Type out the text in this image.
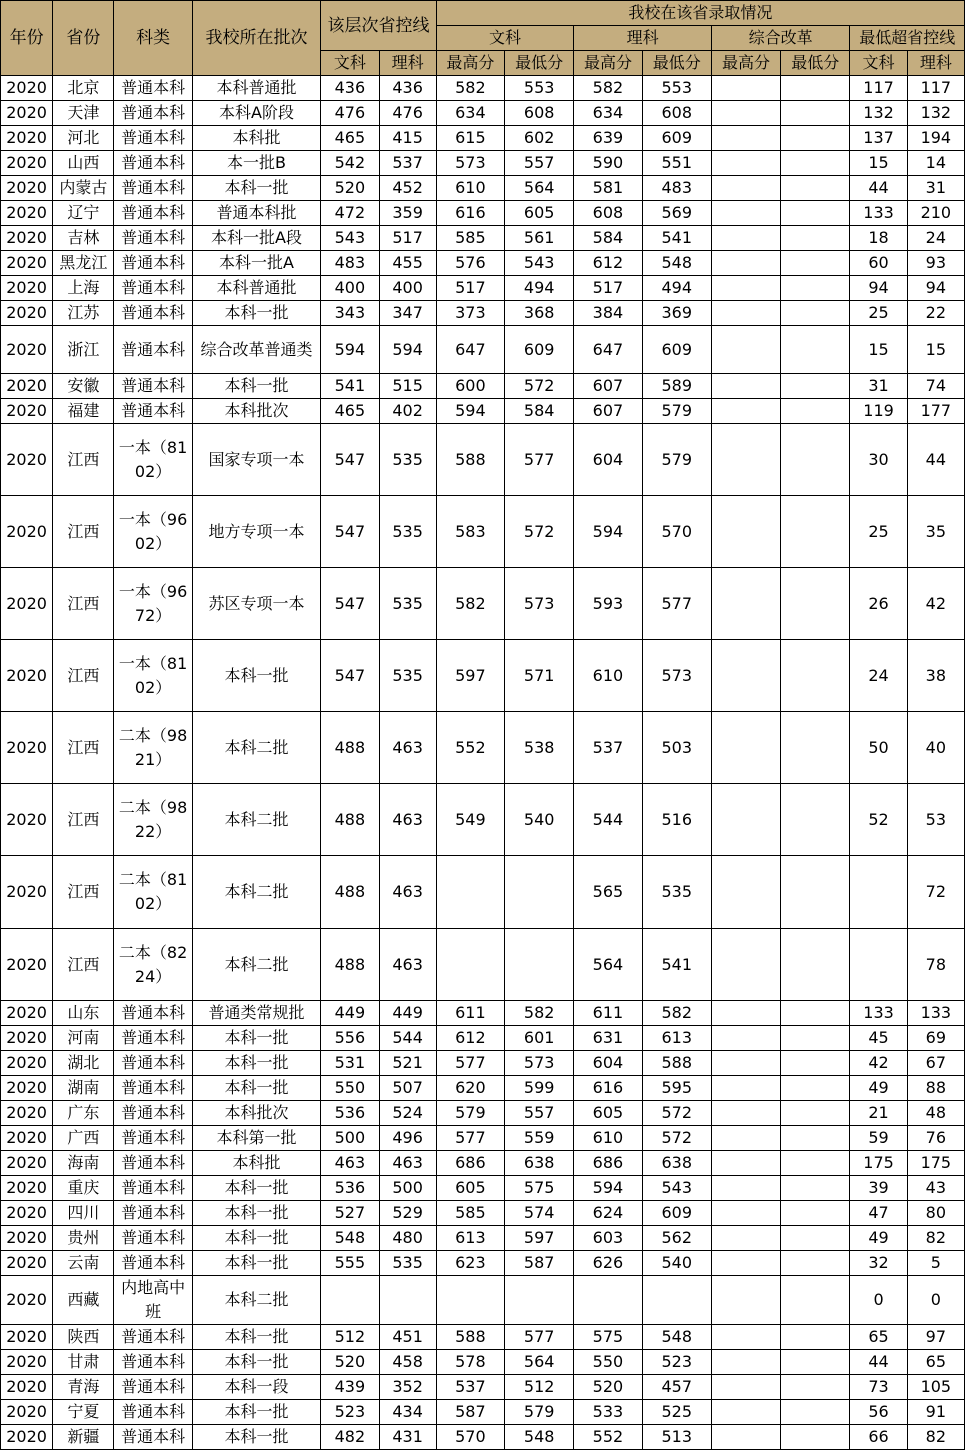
年份	省份	科类	我校所在批次	该层次省控线		我校在该省录取情况							
						文科		理科		综合改革		最低超省控线	
				文科	理科	最高分	最低分	最高分	最低分	最高分	最低分	文科	理科
2020	北京	普通本科	本科普通批	436	436	582	553	582	553			117	117
2020	天津	普通本科	本科A阶段	476	476	634	608	634	608			132	132
2020	河北	普通本科	本科批	465	415	615	602	639	609			137	194
2020	山西	普通本科	本一批B	542	537	573	557	590	551			15	14
2020	内蒙古	普通本科	本科一批	520	452	610	564	581	483			44	31
2020	辽宁	普通本科	普通本科批	472	359	616	605	608	569			133	210
2020	吉林	普通本科	本科一批A段	543	517	585	561	584	541			18	24
2020	黑龙江	普通本科	本科一批A	483	455	576	543	612	548			60	93
2020	上海	普通本科	本科普通批	400	400	517	494	517	494			94	94
2020	江苏	普通本科	本科一批	343	347	373	368	384	369			25	22
2020	浙江	普通本科	综合改革普通类	594	594	647	609	647	609			15	15
2020	安徽	普通本科	本科一批	541	515	600	572	607	589			31	74
2020	福建	普通本科	本科批次	465	402	594	584	607	579			119	177
2020	江西	一本（8102）	国家专项一本	547	535	588	577	604	579			30	44
2020	江西	一本（9602）	地方专项一本	547	535	583	572	594	570			25	35
2020	江西	一本（9672）	苏区专项一本	547	535	582	573	593	577			26	42
2020	江西	一本（8102）	本科一批	547	535	597	571	610	573			24	38
2020	江西	二本（9821）	本科二批	488	463	552	538	537	503			50	40
2020	江西	二本（9822）	本科二批	488	463	549	540	544	516			52	53
2020	江西	二本（8102）	本科二批	488	463			565	535				72
2020	江西	二本（8224）	本科二批	488	463			564	541				78
2020	山东	普通本科	普通类常规批	449	449	611	582	611	582			133	133
2020	河南	普通本科	本科一批	556	544	612	601	631	613			45	69
2020	湖北	普通本科	本科一批	531	521	577	573	604	588			42	67
2020	湖南	普通本科	本科一批	550	507	620	599	616	595			49	88
2020	广东	普通本科	本科批次	536	524	579	557	605	572			21	48
2020	广西	普通本科	本科第一批	500	496	577	559	610	572			59	76
2020	海南	普通本科	本科批	463	463	686	638	686	638			175	175
2020	重庆	普通本科	本科一批	536	500	605	575	594	543			39	43
2020	四川	普通本科	本科一批	527	529	585	574	624	609			47	80
2020	贵州	普通本科	本科一批	548	480	613	597	603	562			49	82
2020	云南	普通本科	本科一批	555	535	623	587	626	540			32	5
2020	西藏	内地高中班	本科二批									0	0
2020	陕西	普通本科	本科一批	512	451	588	577	575	548			65	97
2020	甘肃	普通本科	本科一批	520	458	578	564	550	523			44	65
2020	青海	普通本科	本科一段	439	352	537	512	520	457			73	105
2020	宁夏	普通本科	本科一批	523	434	587	579	533	525			56	91
2020	新疆	普通本科	本科一批	482	431	570	548	552	513			66	82
